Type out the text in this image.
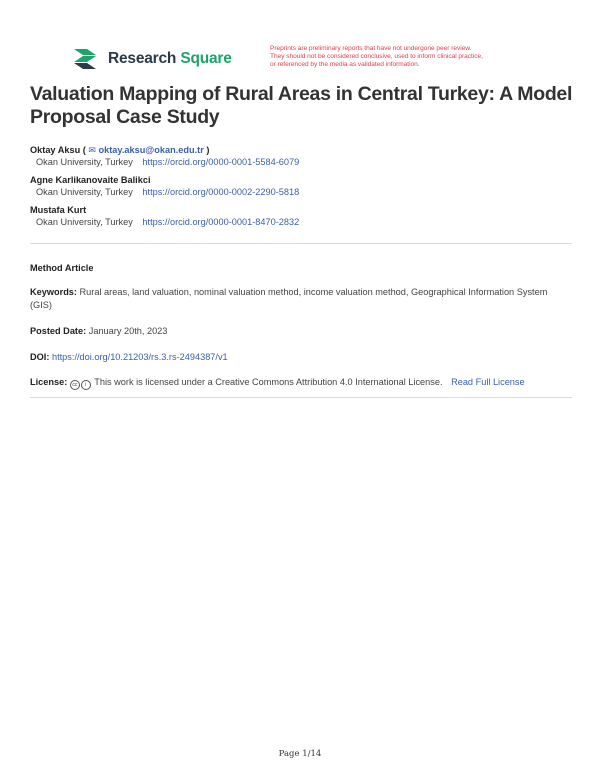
Research Square
Preprints are preliminary reports that have not undergone peer review.
They should not be considered conclusive, used to inform clinical practice,
or referenced by the media as validated information.
Valuation Mapping of Rural Areas in Central Turkey: A Model Proposal Case Study
Oktay Aksu ( ✉ oktay.aksu@okan.edu.tr )
Okan University, Turkey https://orcid.org/0000-0001-5584-6079
Agne Karlikanovaite Balikci
Okan University, Turkey https://orcid.org/0000-0002-2290-5818
Mustafa Kurt
Okan University, Turkey https://orcid.org/0000-0001-8470-2832
Method Article
Keywords: Rural areas, land valuation, nominal valuation method, income valuation method, Geographical Information System (GIS)
Posted Date: January 20th, 2023
DOI: https://doi.org/10.21203/rs.3.rs-2494387/v1
License: cc i This work is licensed under a Creative Commons Attribution 4.0 International License. Read Full License
Page 1/14
